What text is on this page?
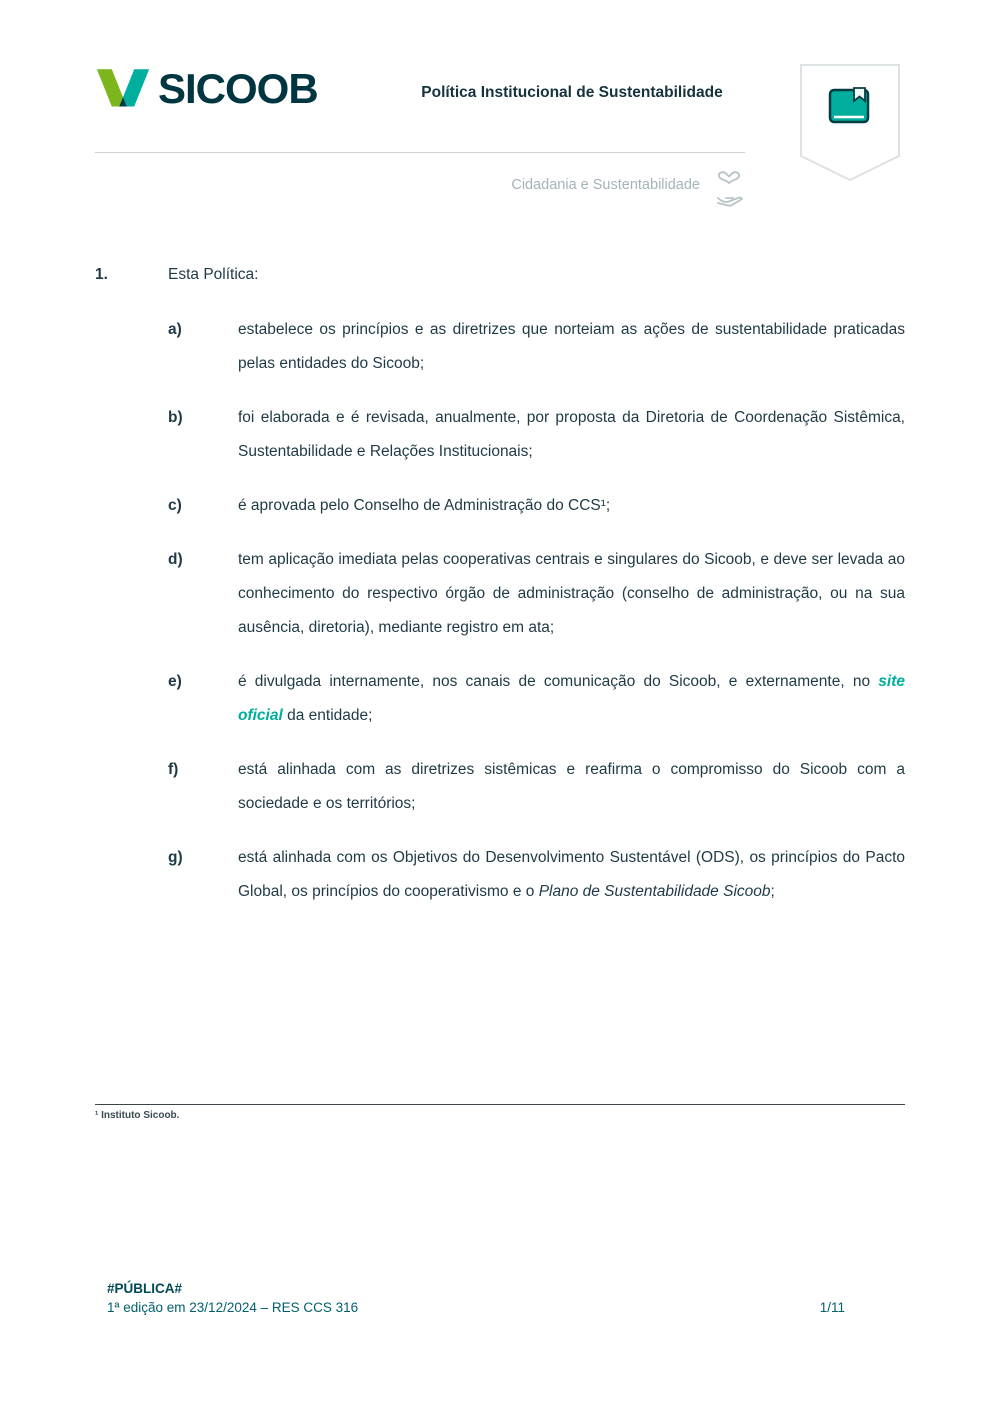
SICOOB	Política Institucional de Sustentabilidade
Cidadania e Sustentabilidade
1.	Esta Política:
a)	estabelece os princípios e as diretrizes que norteiam as ações de sustentabilidade praticadas pelas entidades do Sicoob;

b)	foi elaborada e é revisada, anualmente, por proposta da Diretoria de Coordenação Sistêmica, Sustentabilidade e Relações Institucionais;

c)	é aprovada pelo Conselho de Administração do CCS¹;

d)	tem aplicação imediata pelas cooperativas centrais e singulares do Sicoob, e deve ser levada ao conhecimento do respectivo órgão de administração (conselho de administração, ou na sua ausência, diretoria), mediante registro em ata;

e)	é divulgada internamente, nos canais de comunicação do Sicoob, e externamente, no site oficial da entidade;

f)	está alinhada com as diretrizes sistêmicas e reafirma o compromisso do Sicoob com a sociedade e os territórios;

g)	está alinhada com os Objetivos do Desenvolvimento Sustentável (ODS), os princípios do Pacto Global, os princípios do cooperativismo e o Plano de Sustentabilidade Sicoob;

¹ Instituto Sicoob.
#PÚBLICA#
1ª edição em 23/12/2024 – RES CCS 316	1/11
